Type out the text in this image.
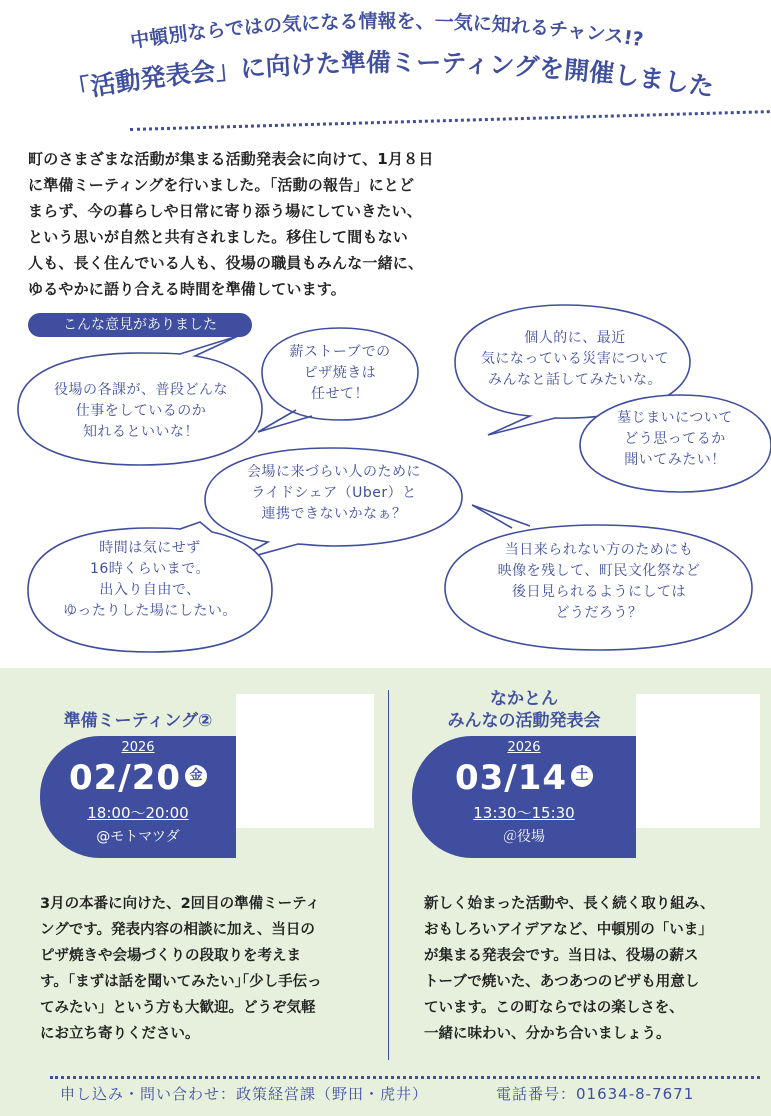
中頓別ならではの気になる情報を、一気に知れるチャンス!?
「活動発表会」に向けた準備ミーティングを開催しました
町のさまざまな活動が集まる活動発表会に向けて、1月８日
に準備ミーティングを行いました。「活動の報告」にとど
まらず、今の暮らしや日常に寄り添う場にしていきたい、
という思いが自然と共有されました。移住して間もない
人も、長く住んでいる人も、役場の職員もみんな一緒に、
ゆるやかに語り合える時間を準備しています。
こんな意見がありました
役場の各課が、普段どんな
仕事をしているのか
知れるといいな！
薪ストーブでの
ピザ焼きは
任せて！
個人的に、最近
気になっている災害について
みんなと話してみたいな。
墓じまいについて
どう思ってるか
聞いてみたい！
会場に来づらい人のために
ライドシェア（Uber）と
連携できないかなぁ？
時間は気にせず
16時くらいまで。
出入り自由で、
ゆったりした場にしたい。
当日来られない方のためにも
映像を残して、町民文化祭など
後日見られるようにしては
どうだろう？
準備ミーティング②
2026
02/20 金
18:00〜20:00
@モトマツダ
3月の本番に向けた、2回目の準備ミーティ
ングです。発表内容の相談に加え、当日の
ピザ焼きや会場づくりの段取りを考えま
す。｢まずは話を聞いてみたい｣｢少し手伝っ
てみたい」という方も大歓迎。どうぞ気軽
にお立ち寄りください。
なかとん
みんなの活動発表会
2026
03/14 土
13:30〜15:30
＠役場
新しく始まった活動や、長く続く取り組み、
おもしろいアイデアなど、中頓別の「いま」
が集まる発表会です。当日は、役場の薪ス
トーブで焼いた、あつあつのピザも用意し
ています。この町ならではの楽しさを、
一緒に味わい、分かち合いましょう。
申し込み・問い合わせ：政策経営課（野田・虎井）	電話番号：01634-8-7671
